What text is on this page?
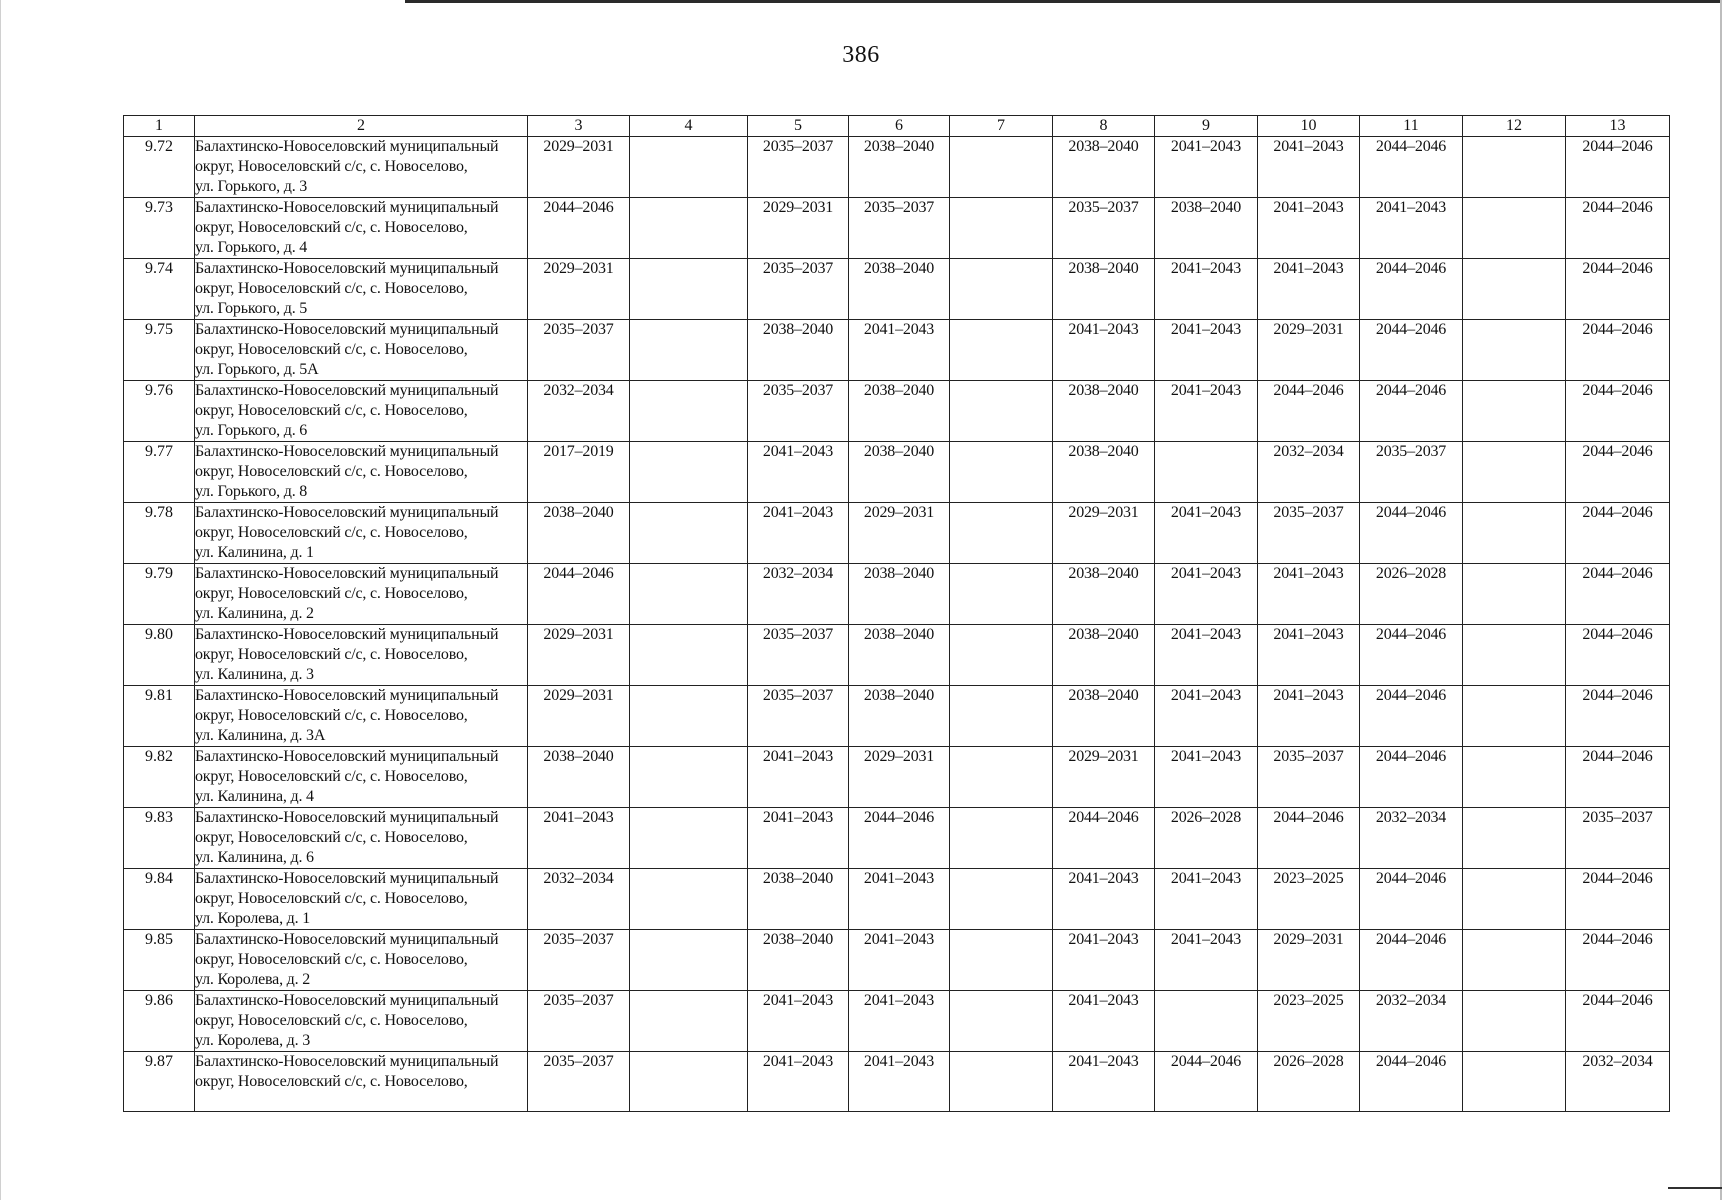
386
1	2	3	4	5	6	7	8	9	10	11	12	13
9.72	Балахтинско-Новоселовский муниципальный
округ, Новоселовский с/с, с. Новоселово,
ул. Горького, д. 3	2029–2031		2035–2037	2038–2040		2038–2040	2041–2043	2041–2043	2044–2046		2044–2046
9.73	Балахтинско-Новоселовский муниципальный
округ, Новоселовский с/с, с. Новоселово,
ул. Горького, д. 4	2044–2046		2029–2031	2035–2037		2035–2037	2038–2040	2041–2043	2041–2043		2044–2046
9.74	Балахтинско-Новоселовский муниципальный
округ, Новоселовский с/с, с. Новоселово,
ул. Горького, д. 5	2029–2031		2035–2037	2038–2040		2038–2040	2041–2043	2041–2043	2044–2046		2044–2046
9.75	Балахтинско-Новоселовский муниципальный
округ, Новоселовский с/с, с. Новоселово,
ул. Горького, д. 5А	2035–2037		2038–2040	2041–2043		2041–2043	2041–2043	2029–2031	2044–2046		2044–2046
9.76	Балахтинско-Новоселовский муниципальный
округ, Новоселовский с/с, с. Новоселово,
ул. Горького, д. 6	2032–2034		2035–2037	2038–2040		2038–2040	2041–2043	2044–2046	2044–2046		2044–2046
9.77	Балахтинско-Новоселовский муниципальный
округ, Новоселовский с/с, с. Новоселово,
ул. Горького, д. 8	2017–2019		2041–2043	2038–2040		2038–2040		2032–2034	2035–2037		2044–2046
9.78	Балахтинско-Новоселовский муниципальный
округ, Новоселовский с/с, с. Новоселово,
ул. Калинина, д. 1	2038–2040		2041–2043	2029–2031		2029–2031	2041–2043	2035–2037	2044–2046		2044–2046
9.79	Балахтинско-Новоселовский муниципальный
округ, Новоселовский с/с, с. Новоселово,
ул. Калинина, д. 2	2044–2046		2032–2034	2038–2040		2038–2040	2041–2043	2041–2043	2026–2028		2044–2046
9.80	Балахтинско-Новоселовский муниципальный
округ, Новоселовский с/с, с. Новоселово,
ул. Калинина, д. 3	2029–2031		2035–2037	2038–2040		2038–2040	2041–2043	2041–2043	2044–2046		2044–2046
9.81	Балахтинско-Новоселовский муниципальный
округ, Новоселовский с/с, с. Новоселово,
ул. Калинина, д. 3А	2029–2031		2035–2037	2038–2040		2038–2040	2041–2043	2041–2043	2044–2046		2044–2046
9.82	Балахтинско-Новоселовский муниципальный
округ, Новоселовский с/с, с. Новоселово,
ул. Калинина, д. 4	2038–2040		2041–2043	2029–2031		2029–2031	2041–2043	2035–2037	2044–2046		2044–2046
9.83	Балахтинско-Новоселовский муниципальный
округ, Новоселовский с/с, с. Новоселово,
ул. Калинина, д. 6	2041–2043		2041–2043	2044–2046		2044–2046	2026–2028	2044–2046	2032–2034		2035–2037
9.84	Балахтинско-Новоселовский муниципальный
округ, Новоселовский с/с, с. Новоселово,
ул. Королева, д. 1	2032–2034		2038–2040	2041–2043		2041–2043	2041–2043	2023–2025	2044–2046		2044–2046
9.85	Балахтинско-Новоселовский муниципальный
округ, Новоселовский с/с, с. Новоселово,
ул. Королева, д. 2	2035–2037		2038–2040	2041–2043		2041–2043	2041–2043	2029–2031	2044–2046		2044–2046
9.86	Балахтинско-Новоселовский муниципальный
округ, Новоселовский с/с, с. Новоселово,
ул. Королева, д. 3	2035–2037		2041–2043	2041–2043		2041–2043		2023–2025	2032–2034		2044–2046
9.87	Балахтинско-Новоселовский муниципальный
округ, Новоселовский с/с, с. Новоселово,	2035–2037		2041–2043	2041–2043		2041–2043	2044–2046	2026–2028	2044–2046		2032–2034
